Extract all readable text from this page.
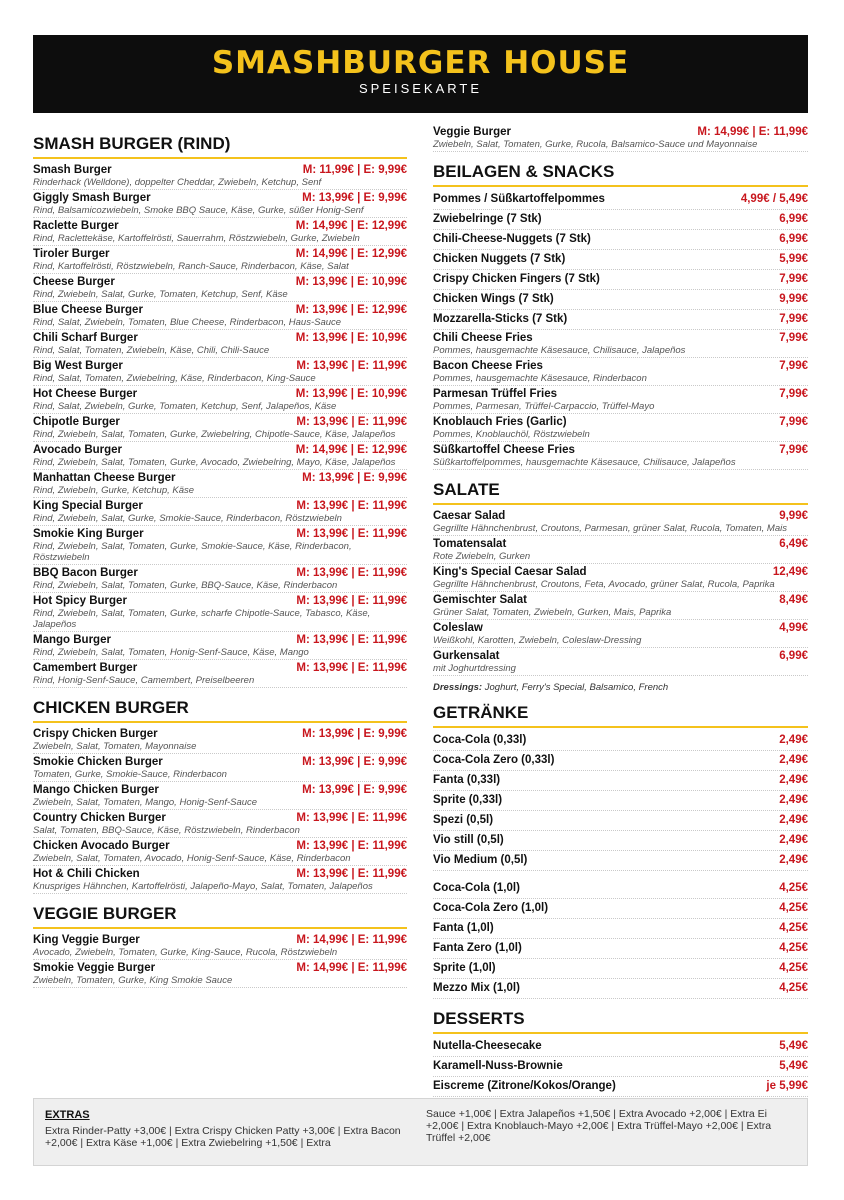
SMASHBURGER HOUSE
SPEISEKARTE
SMASH BURGER (RIND)
Smash Burger	M: 11,99€ | E: 9,99€
Rinderhack (Welldone), doppelter Cheddar, Zwiebeln, Ketchup, Senf
Giggly Smash Burger	M: 13,99€ | E: 9,99€
Rind, Balsamicozwiebeln, Smoke BBQ Sauce, Käse, Gurke, süßer Honig-Senf
Raclette Burger	M: 14,99€ | E: 12,99€
Rind, Raclettekäse, Kartoffelrösti, Sauerrahm, Röstzwiebeln, Gurke, Zwiebeln
Tiroler Burger	M: 14,99€ | E: 12,99€
Rind, Kartoffelrösti, Röstzwiebeln, Ranch-Sauce, Rinderbacon, Käse, Salat
Cheese Burger	M: 13,99€ | E: 10,99€
Rind, Zwiebeln, Salat, Gurke, Tomaten, Ketchup, Senf, Käse
Blue Cheese Burger	M: 13,99€ | E: 12,99€
Rind, Salat, Zwiebeln, Tomaten, Blue Cheese, Rinderbacon, Haus-Sauce
Chili Scharf Burger	M: 13,99€ | E: 10,99€
Rind, Salat, Tomaten, Zwiebeln, Käse, Chili, Chili-Sauce
Big West Burger	M: 13,99€ | E: 11,99€
Rind, Salat, Tomaten, Zwiebelring, Käse, Rinderbacon, King-Sauce
Hot Cheese Burger	M: 13,99€ | E: 10,99€
Rind, Salat, Zwiebeln, Gurke, Tomaten, Ketchup, Senf, Jalapeños, Käse
Chipotle Burger	M: 13,99€ | E: 11,99€
Rind, Zwiebeln, Salat, Tomaten, Gurke, Zwiebelring, Chipotle-Sauce, Käse, Jalapeños
Avocado Burger	M: 14,99€ | E: 12,99€
Rind, Zwiebeln, Salat, Tomaten, Gurke, Avocado, Zwiebelring, Mayo, Käse, Jalapeños
Manhattan Cheese Burger	M: 13,99€ | E: 9,99€
Rind, Zwiebeln, Gurke, Ketchup, Käse
King Special Burger	M: 13,99€ | E: 11,99€
Rind, Zwiebeln, Salat, Gurke, Smokie-Sauce, Rinderbacon, Röstzwiebeln
Smokie King Burger	M: 13,99€ | E: 11,99€
Rind, Zwiebeln, Salat, Tomaten, Gurke, Smokie-Sauce, Käse, Rinderbacon, Röstzwiebeln
BBQ Bacon Burger	M: 13,99€ | E: 11,99€
Rind, Zwiebeln, Salat, Tomaten, Gurke, BBQ-Sauce, Käse, Rinderbacon
Hot Spicy Burger	M: 13,99€ | E: 11,99€
Rind, Zwiebeln, Salat, Tomaten, Gurke, scharfe Chipotle-Sauce, Tabasco, Käse, Jalapeños
Mango Burger	M: 13,99€ | E: 11,99€
Rind, Zwiebeln, Salat, Tomaten, Honig-Senf-Sauce, Käse, Mango
Camembert Burger	M: 13,99€ | E: 11,99€
Rind, Honig-Senf-Sauce, Camembert, Preiselbeeren
CHICKEN BURGER
Crispy Chicken Burger	M: 13,99€ | E: 9,99€
Zwiebeln, Salat, Tomaten, Mayonnaise
Smokie Chicken Burger	M: 13,99€ | E: 9,99€
Tomaten, Gurke, Smokie-Sauce, Rinderbacon
Mango Chicken Burger	M: 13,99€ | E: 9,99€
Zwiebeln, Salat, Tomaten, Mango, Honig-Senf-Sauce
Country Chicken Burger	M: 13,99€ | E: 11,99€
Salat, Tomaten, BBQ-Sauce, Käse, Röstzwiebeln, Rinderbacon
Chicken Avocado Burger	M: 13,99€ | E: 11,99€
Zwiebeln, Salat, Tomaten, Avocado, Honig-Senf-Sauce, Käse, Rinderbacon
Hot & Chili Chicken	M: 13,99€ | E: 11,99€
Knuspriges Hähnchen, Kartoffelrösti, Jalapeño-Mayo, Salat, Tomaten, Jalapeños
VEGGIE BURGER
King Veggie Burger	M: 14,99€ | E: 11,99€
Avocado, Zwiebeln, Tomaten, Gurke, King-Sauce, Rucola, Röstzwiebeln
Smokie Veggie Burger	M: 14,99€ | E: 11,99€
Zwiebeln, Tomaten, Gurke, King Smokie Sauce
Veggie Burger	M: 14,99€ | E: 11,99€
Zwiebeln, Salat, Tomaten, Gurke, Rucola, Balsamico-Sauce und Mayonnaise
BEILAGEN & SNACKS
Pommes / Süßkartoffelpommes	4,99€ / 5,49€
Zwiebelringe (7 Stk)	6,99€
Chili-Cheese-Nuggets (7 Stk)	6,99€
Chicken Nuggets (7 Stk)	5,99€
Crispy Chicken Fingers (7 Stk)	7,99€
Chicken Wings (7 Stk)	9,99€
Mozzarella-Sticks (7 Stk)	7,99€
Chili Cheese Fries	7,99€
Pommes, hausgemachte Käsesauce, Chilisauce, Jalapeños
Bacon Cheese Fries	7,99€
Pommes, hausgemachte Käsesauce, Rinderbacon
Parmesan Trüffel Fries	7,99€
Pommes, Parmesan, Trüffel-Carpaccio, Trüffel-Mayo
Knoblauch Fries (Garlic)	7,99€
Pommes, Knoblauchöl, Röstzwiebeln
Süßkartoffel Cheese Fries	7,99€
Süßkartoffelpommes, hausgemachte Käsesauce, Chilisauce, Jalapeños
SALATE
Caesar Salad	9,99€
Gegrillte Hähnchenbrust, Croutons, Parmesan, grüner Salat, Rucola, Tomaten, Mais
Tomatensalat	6,49€
Rote Zwiebeln, Gurken
King's Special Caesar Salad	12,49€
Gegrillte Hähnchenbrust, Croutons, Feta, Avocado, grüner Salat, Rucola, Paprika
Gemischter Salat	8,49€
Grüner Salat, Tomaten, Zwiebeln, Gurken, Mais, Paprika
Coleslaw	4,99€
Weißkohl, Karotten, Zwiebeln, Coleslaw-Dressing
Gurkensalat	6,99€
mit Joghurtdressing
Dressings: Joghurt, Ferry's Special, Balsamico, French
GETRÄNKE
Coca-Cola (0,33l)	2,49€
Coca-Cola Zero (0,33l)	2,49€
Fanta (0,33l)	2,49€
Sprite (0,33l)	2,49€
Spezi (0,5l)	2,49€
Vio still (0,5l)	2,49€
Vio Medium (0,5l)	2,49€
Coca-Cola (1,0l)	4,25€
Coca-Cola Zero (1,0l)	4,25€
Fanta (1,0l)	4,25€
Fanta Zero (1,0l)	4,25€
Sprite (1,0l)	4,25€
Mezzo Mix (1,0l)	4,25€
DESSERTS
Nutella-Cheesecake	5,49€
Karamell-Nuss-Brownie	5,49€
Eiscreme (Zitrone/Kokos/Orange)	je 5,99€
EXTRAS
Extra Rinder-Patty +3,00€ | Extra Crispy Chicken Patty +3,00€ | Extra Bacon +2,00€ | Extra Käse +1,00€ | Extra Zwiebelring +1,50€ | Extra
Sauce +1,00€ | Extra Jalapeños +1,50€ | Extra Avocado +2,00€ | Extra Ei +2,00€ | Extra Knoblauch-Mayo +2,00€ | Extra Trüffel-Mayo +2,00€ | Extra Trüffel +2,00€
